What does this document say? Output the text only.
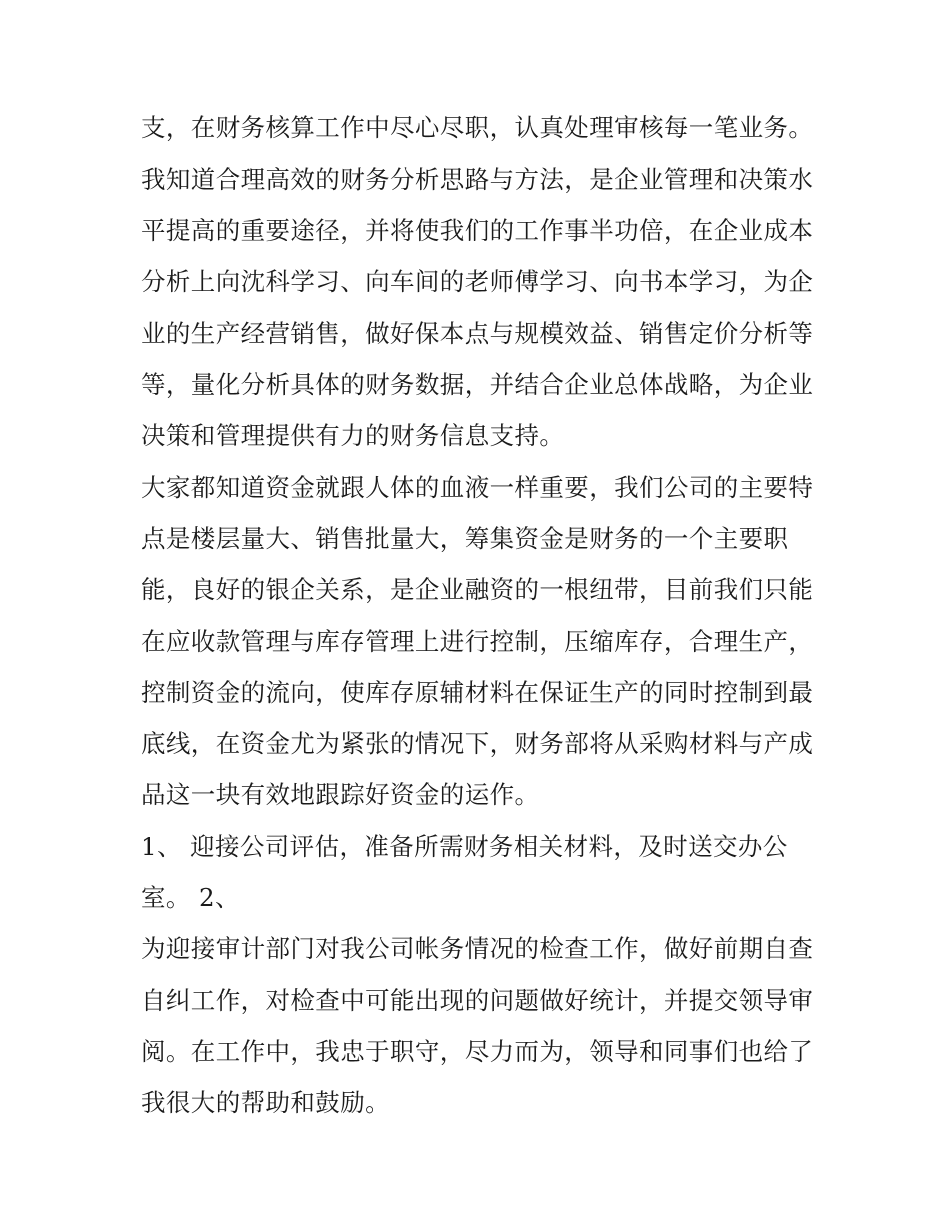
支，在财务核算工作中尽心尽职，认真处理审核每一笔业务。
我知道合理高效的财务分析思路与方法，是企业管理和决策水
平提高的重要途径，并将使我们的工作事半功倍，在企业成本
分析上向沈科学习、向车间的老师傅学习、向书本学习，为企
业的生产经营销售，做好保本点与规模效益、销售定价分析等
等，量化分析具体的财务数据，并结合企业总体战略，为企业
决策和管理提供有力的财务信息支持。
大家都知道资金就跟人体的血液一样重要，我们公司的主要特
点是楼层量大、销售批量大，筹集资金是财务的一个主要职
能，良好的银企关系，是企业融资的一根纽带，目前我们只能
在应收款管理与库存管理上进行控制，压缩库存，合理生产，
控制资金的流向，使库存原辅材料在保证生产的同时控制到最
底线，在资金尤为紧张的情况下，财务部将从采购材料与产成
品这一块有效地跟踪好资金的运作。
1、 迎接公司评估，准备所需财务相关材料，及时送交办公
室。 2、
为迎接审计部门对我公司帐务情况的检查工作，做好前期自查
自纠工作，对检查中可能出现的问题做好统计，并提交领导审
阅。在工作中，我忠于职守，尽力而为，领导和同事们也给了
我很大的帮助和鼓励。
